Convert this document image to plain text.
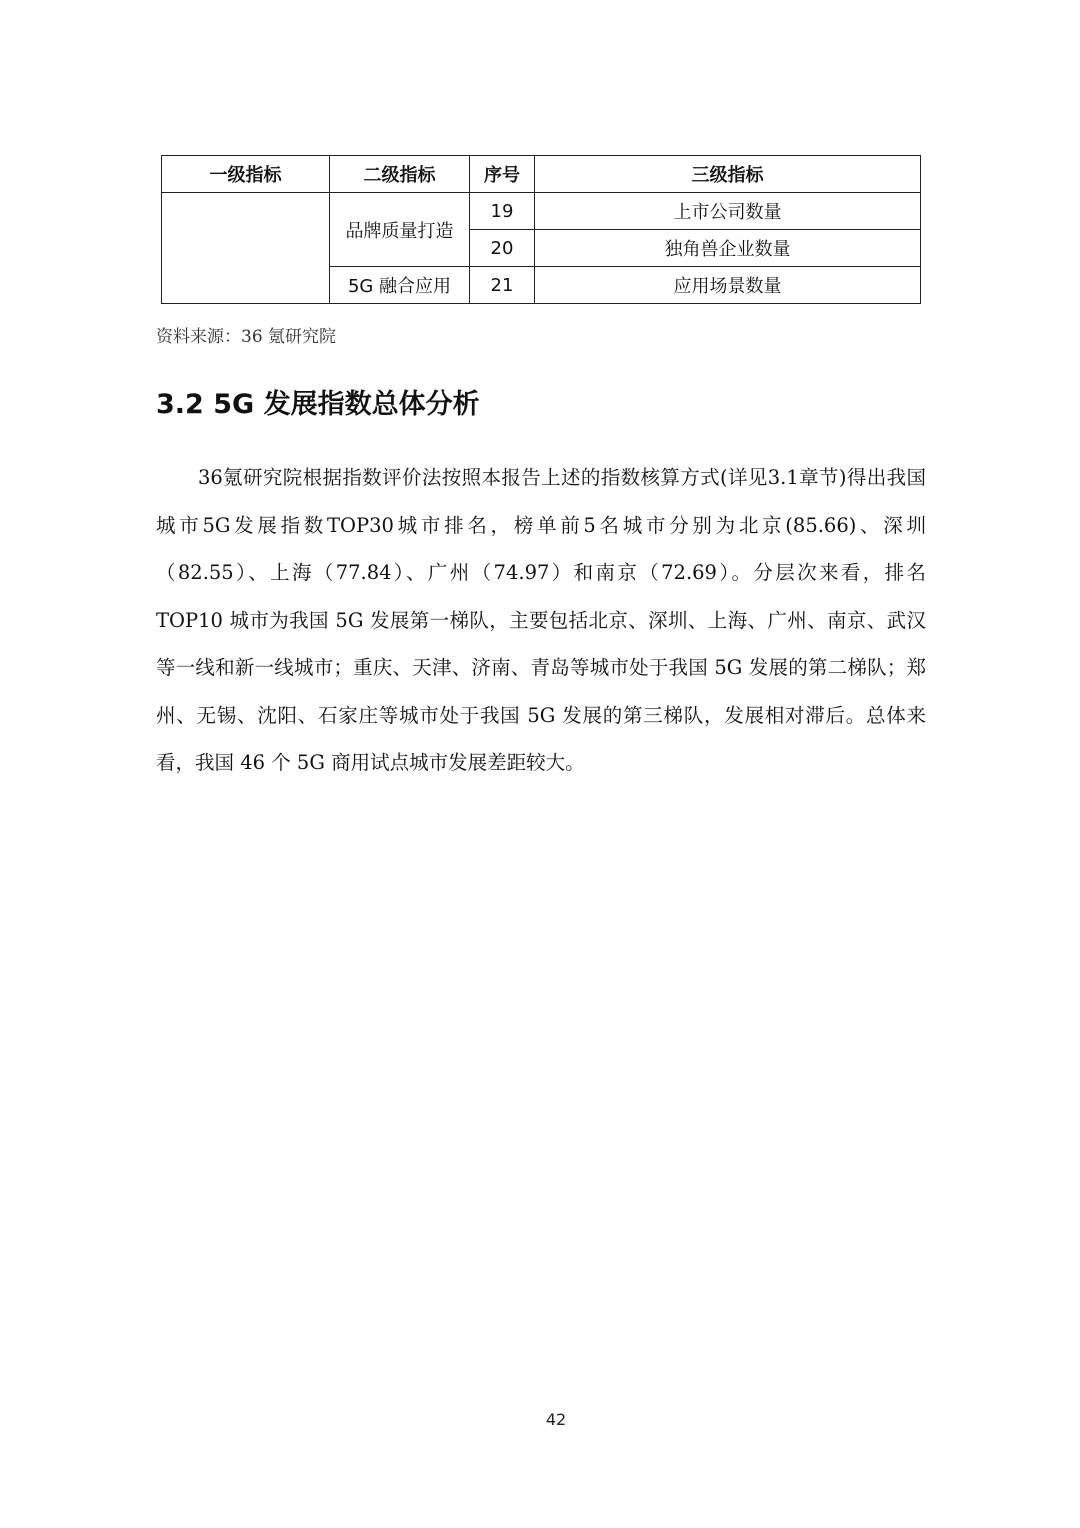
一级指标	二级指标	序号	三级指标
	品牌质量打造	19	上市公司数量
		20	独角兽企业数量
	5G 融合应用	21	应用场景数量
资料来源：36 氪研究院
3.2 5G 发展指数总体分析

36氪研究院根据指数评价法按照本报告上述的指数核算方式(详见3.1章节)得出我国城市5G发展指数TOP30城市排名，榜单前5名城市分别为北京(85.66)、深圳（82.55）、上海（77.84）、广州（74.97）和南京（72.69）。分层次来看，排名 TOP10 城市为我国 5G 发展第一梯队，主要包括北京、深圳、上海、广州、南京、武汉等一线和新一线城市；重庆、天津、济南、青岛等城市处于我国 5G 发展的第二梯队；郑州、无锡、沈阳、石家庄等城市处于我国 5G 发展的第三梯队，发展相对滞后。总体来看，我国 46 个 5G 商用试点城市发展差距较大。

42
